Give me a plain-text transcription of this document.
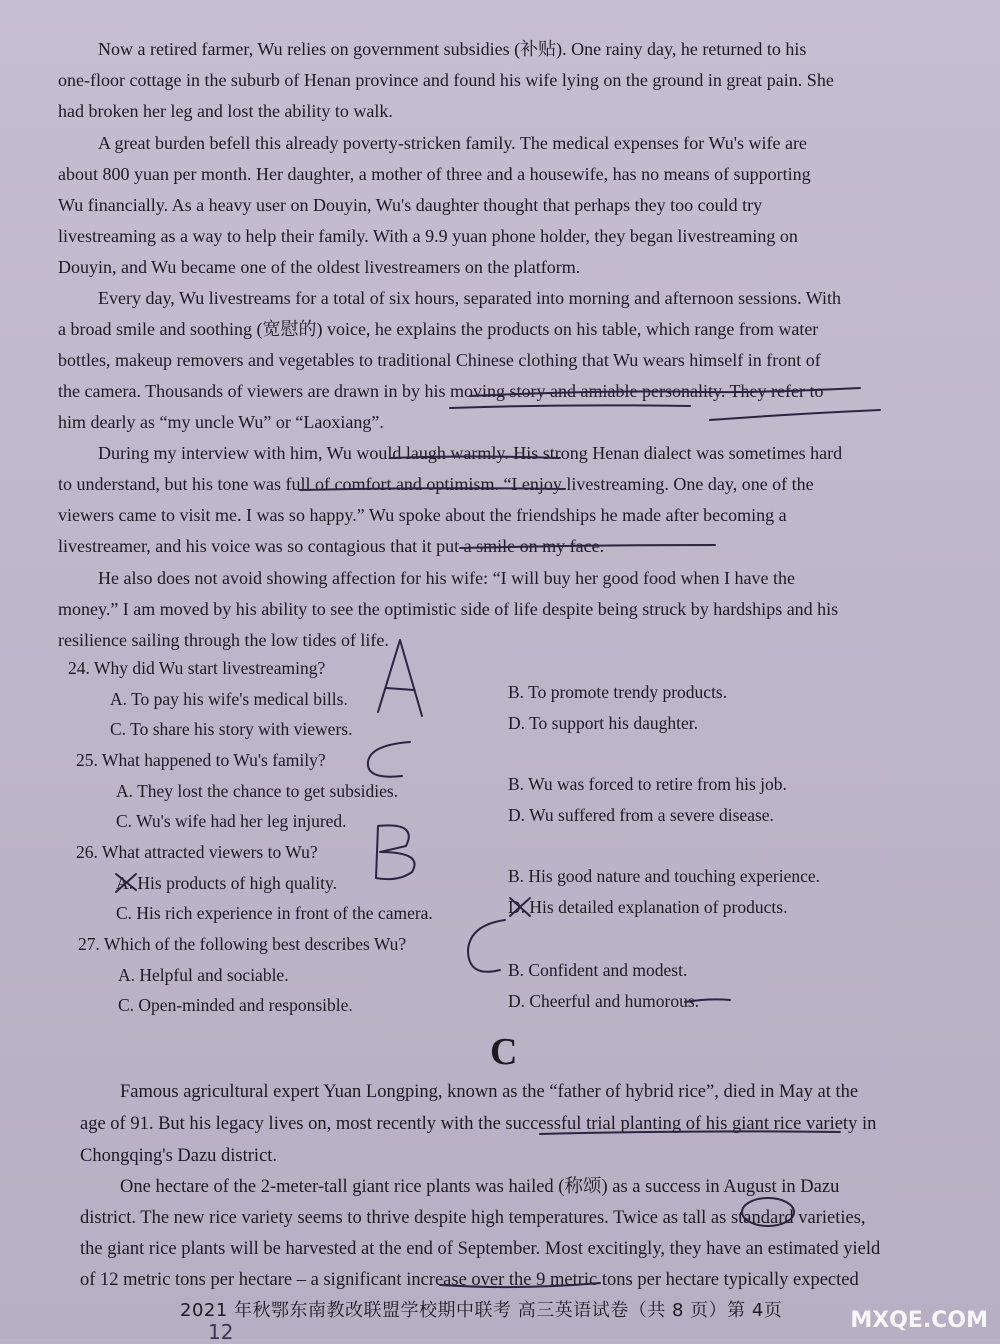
Now a retired farmer, Wu relies on government subsidies (补贴). One rainy day, he returned to his
one-floor cottage in the suburb of Henan province and found his wife lying on the ground in great pain. She
had broken her leg and lost the ability to walk.
A great burden befell this already poverty-stricken family. The medical expenses for Wu's wife are
about 800 yuan per month. Her daughter, a mother of three and a housewife, has no means of supporting
Wu financially. As a heavy user on Douyin, Wu's daughter thought that perhaps they too could try
livestreaming as a way to help their family. With a 9.9 yuan phone holder, they began livestreaming on
Douyin, and Wu became one of the oldest livestreamers on the platform.
Every day, Wu livestreams for a total of six hours, separated into morning and afternoon sessions. With
a broad smile and soothing (宽慰的) voice, he explains the products on his table, which range from water
bottles, makeup removers and vegetables to traditional Chinese clothing that Wu wears himself in front of
the camera. Thousands of viewers are drawn in by his moving story and amiable personality. They refer to
him dearly as “my uncle Wu” or “Laoxiang”.
During my interview with him, Wu would laugh warmly. His strong Henan dialect was sometimes hard
to understand, but his tone was full of comfort and optimism. “I enjoy livestreaming. One day, one of the
viewers came to visit me. I was so happy.” Wu spoke about the friendships he made after becoming a
livestreamer, and his voice was so contagious that it put a smile on my face.
He also does not avoid showing affection for his wife: “I will buy her good food when I have the
money.” I am moved by his ability to see the optimistic side of life despite being struck by hardships and his
resilience sailing through the low tides of life.
24. Why did Wu start livestreaming?
A. To pay his wife's medical bills.	B. To promote trendy products.
C. To share his story with viewers.	D. To support his daughter.
25. What happened to Wu's family?
A. They lost the chance to get subsidies.	B. Wu was forced to retire from his job.
C. Wu's wife had her leg injured.	D. Wu suffered from a severe disease.
26. What attracted viewers to Wu?
A. His products of high quality.	B. His good nature and touching experience.
C. His rich experience in front of the camera.	D. His detailed explanation of products.
27. Which of the following best describes Wu?
A. Helpful and sociable.	B. Confident and modest.
C. Open-minded and responsible.	D. Cheerful and humorous.
C
Famous agricultural expert Yuan Longping, known as the “father of hybrid rice”, died in May at the
age of 91. But his legacy lives on, most recently with the successful trial planting of his giant rice variety in
Chongqing's Dazu district.
One hectare of the 2-meter-tall giant rice plants was hailed (称颂) as a success in August in Dazu
district. The new rice variety seems to thrive despite high temperatures. Twice as tall as standard varieties,
the giant rice plants will be harvested at the end of September. Most excitingly, they have an estimated yield
of 12 metric tons per hectare – a significant increase over the 9 metric tons per hectare typically expected
2021 年秋鄂东南教改联盟学校期中联考 高三英语试卷（共 8 页）第 4页
12	MXQE.COM
